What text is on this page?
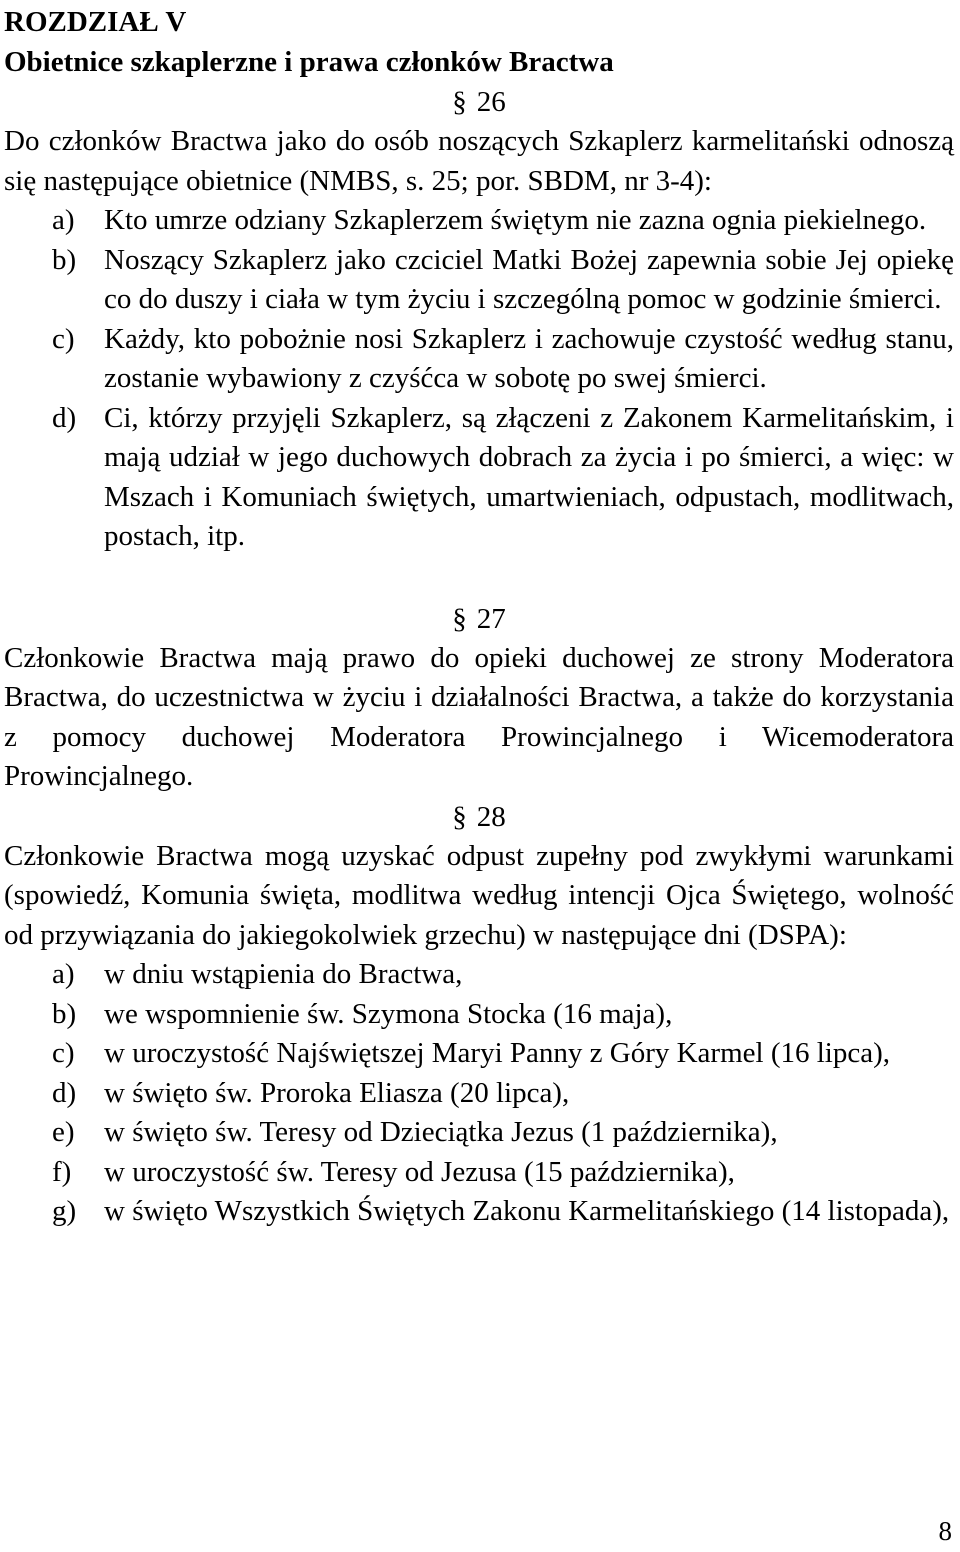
ROZDZIAŁ V
Obietnice szkaplerzne i prawa członków Bractwa
§ 26
Do członków Bractwa jako do osób noszących Szkaplerz karmelitański odnoszą się następujące obietnice (NMBS, s. 25; por. SBDM, nr 3-4):
a) Kto umrze odziany Szkaplerzem świętym nie zazna ognia piekielnego.
b) Noszący Szkaplerz jako czciciel Matki Bożej zapewnia sobie Jej opiekę co do duszy i ciała w tym życiu i szczególną pomoc w godzinie śmierci.
c) Każdy, kto pobożnie nosi Szkaplerz i zachowuje czystość według stanu, zostanie wybawiony z czyśćca w sobotę po swej śmierci.
d) Ci, którzy przyjęli Szkaplerz, są złączeni z Zakonem Karmelitańskim, i mają udział w jego duchowych dobrach za życia i po śmierci, a więc: w Mszach i Komuniach świętych, umartwieniach, odpustach, modlitwach, postach, itp.
§ 27
Członkowie Bractwa mają prawo do opieki duchowej ze strony Moderatora Bractwa, do uczestnictwa w życiu i działalności Bractwa, a także do korzystania z pomocy duchowej Moderatora Prowincjalnego i Wicemoderatora Prowincjalnego.
§ 28
Członkowie Bractwa mogą uzyskać odpust zupełny pod zwykłymi warunkami (spowiedź, Komunia święta, modlitwa według intencji Ojca Świętego, wolność od przywiązania do jakiegokolwiek grzechu) w następujące dni (DSPA):
a) w dniu wstąpienia do Bractwa,
b) we wspomnienie św. Szymona Stocka (16 maja),
c) w uroczystość Najświętszej Maryi Panny z Góry Karmel (16 lipca),
d) w święto św. Proroka Eliasza (20 lipca),
e) w święto św. Teresy od Dzieciątka Jezus (1 października),
f) w uroczystość św. Teresy od Jezusa (15 października),
g) w święto Wszystkich Świętych Zakonu Karmelitańskiego (14 listopada),
8
